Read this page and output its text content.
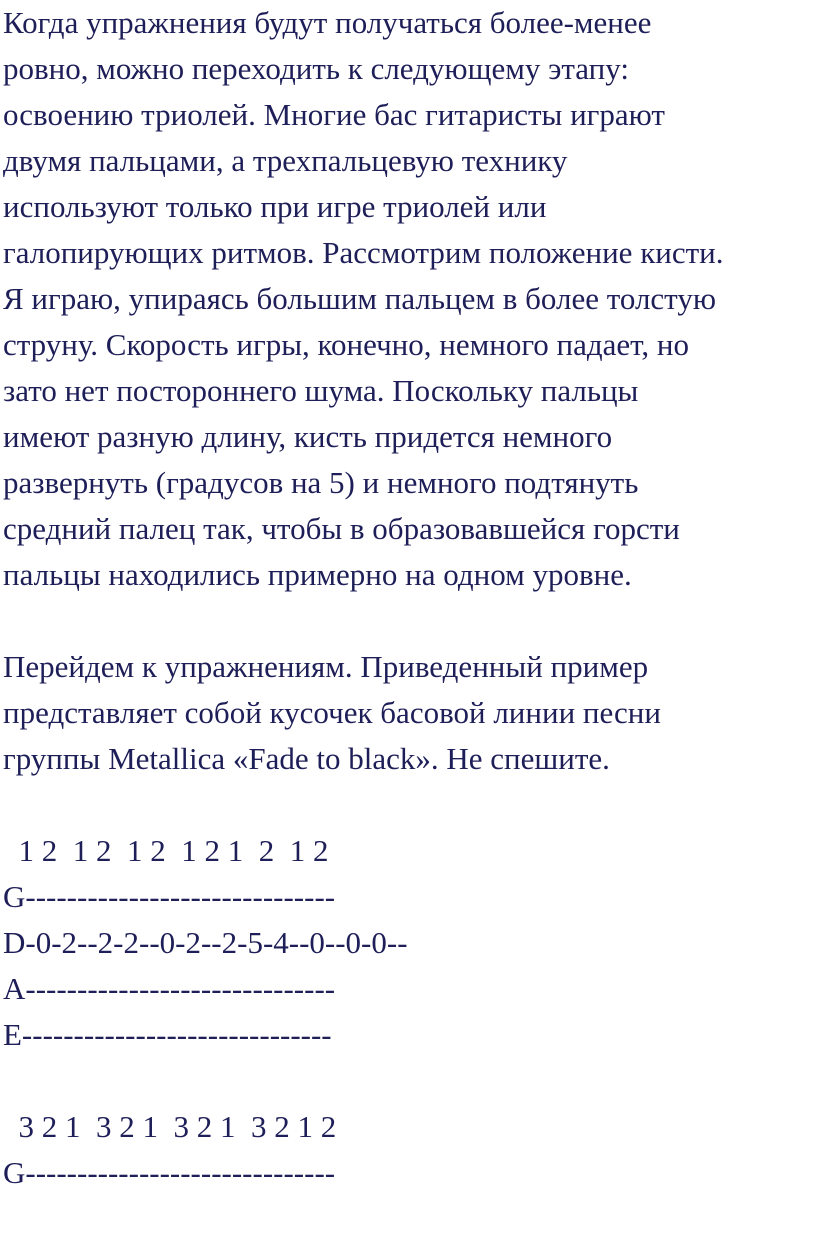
Когда упражнения будут получаться более-менее
ровно, можно переходить к следующему этапу:
освоению триолей. Многие бас гитаристы играют
двумя пальцами, а трехпальцевую технику
используют только при игре триолей или
галопирующих ритмов. Рассмотрим положение кисти.
Я играю, упираясь большим пальцем в более толстую
струну. Скорость игры, конечно, немного падает, но
зато нет постороннего шума. Поскольку пальцы
имеют разную длину, кисть придется немного
развернуть (градусов на 5) и немного подтянуть
средний палец так, чтобы в образовавшейся горсти
пальцы находились примерно на одном уровне.
Перейдем к упражнениям. Приведенный пример
представляет собой кусочек басовой линии песни
группы Metallica «Fade to black». Не спешите.
1 2  1 2  1 2  1 2 1  2  1 2
G------------------------------
D-0-2--2-2--0-2--2-5-4--0--0-0--
A------------------------------
E------------------------------
3 2 1  3 2 1  3 2 1  3 2 1 2
G------------------------------
